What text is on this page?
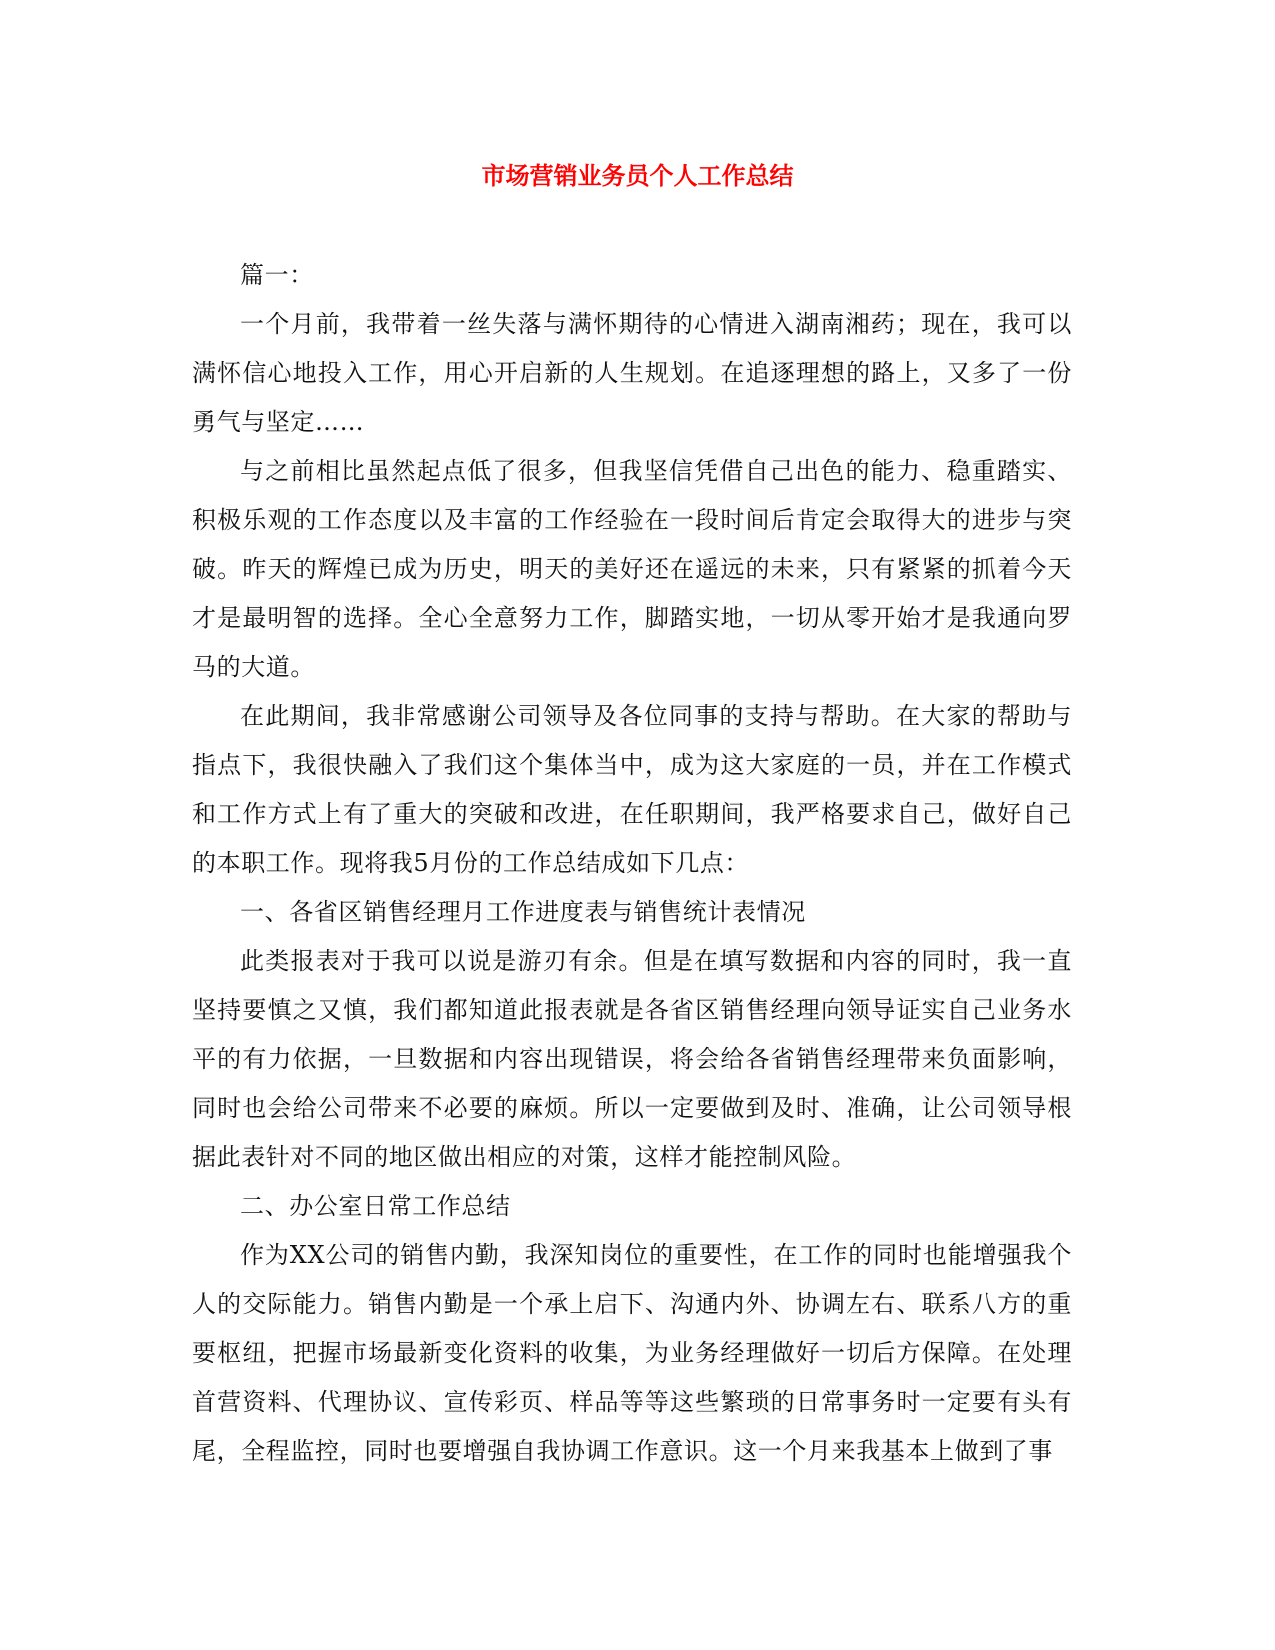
市场营销业务员个人工作总结

篇一：

一个月前，我带着一丝失落与满怀期待的心情进入湖南湘药；现在，我可以满怀信心地投入工作，用心开启新的人生规划。在追逐理想的路上，又多了一份勇气与坚定……

与之前相比虽然起点低了很多，但我坚信凭借自己出色的能力、稳重踏实、积极乐观的工作态度以及丰富的工作经验在一段时间后肯定会取得大的进步与突破。昨天的辉煌已成为历史，明天的美好还在遥远的未来，只有紧紧的抓着今天才是最明智的选择。全心全意努力工作，脚踏实地，一切从零开始才是我通向罗马的大道。

在此期间，我非常感谢公司领导及各位同事的支持与帮助。在大家的帮助与指点下，我很快融入了我们这个集体当中，成为这大家庭的一员，并在工作模式和工作方式上有了重大的突破和改进，在任职期间，我严格要求自己，做好自己的本职工作。现将我5月份的工作总结成如下几点：

一、各省区销售经理月工作进度表与销售统计表情况

此类报表对于我可以说是游刃有余。但是在填写数据和内容的同时，我一直坚持要慎之又慎，我们都知道此报表就是各省区销售经理向领导证实自己业务水平的有力依据，一旦数据和内容出现错误，将会给各省销售经理带来负面影响，同时也会给公司带来不必要的麻烦。所以一定要做到及时、准确，让公司领导根据此表针对不同的地区做出相应的对策，这样才能控制风险。

二、办公室日常工作总结

作为XX公司的销售内勤，我深知岗位的重要性，在工作的同时也能增强我个人的交际能力。销售内勤是一个承上启下、沟通内外、协调左右、联系八方的重要枢纽，把握市场最新变化资料的收集，为业务经理做好一切后方保障。在处理首营资料、代理协议、宣传彩页、样品等等这些繁琐的日常事务时一定要有头有尾，全程监控，同时也要增强自我协调工作意识。这一个月来我基本上做到了事
